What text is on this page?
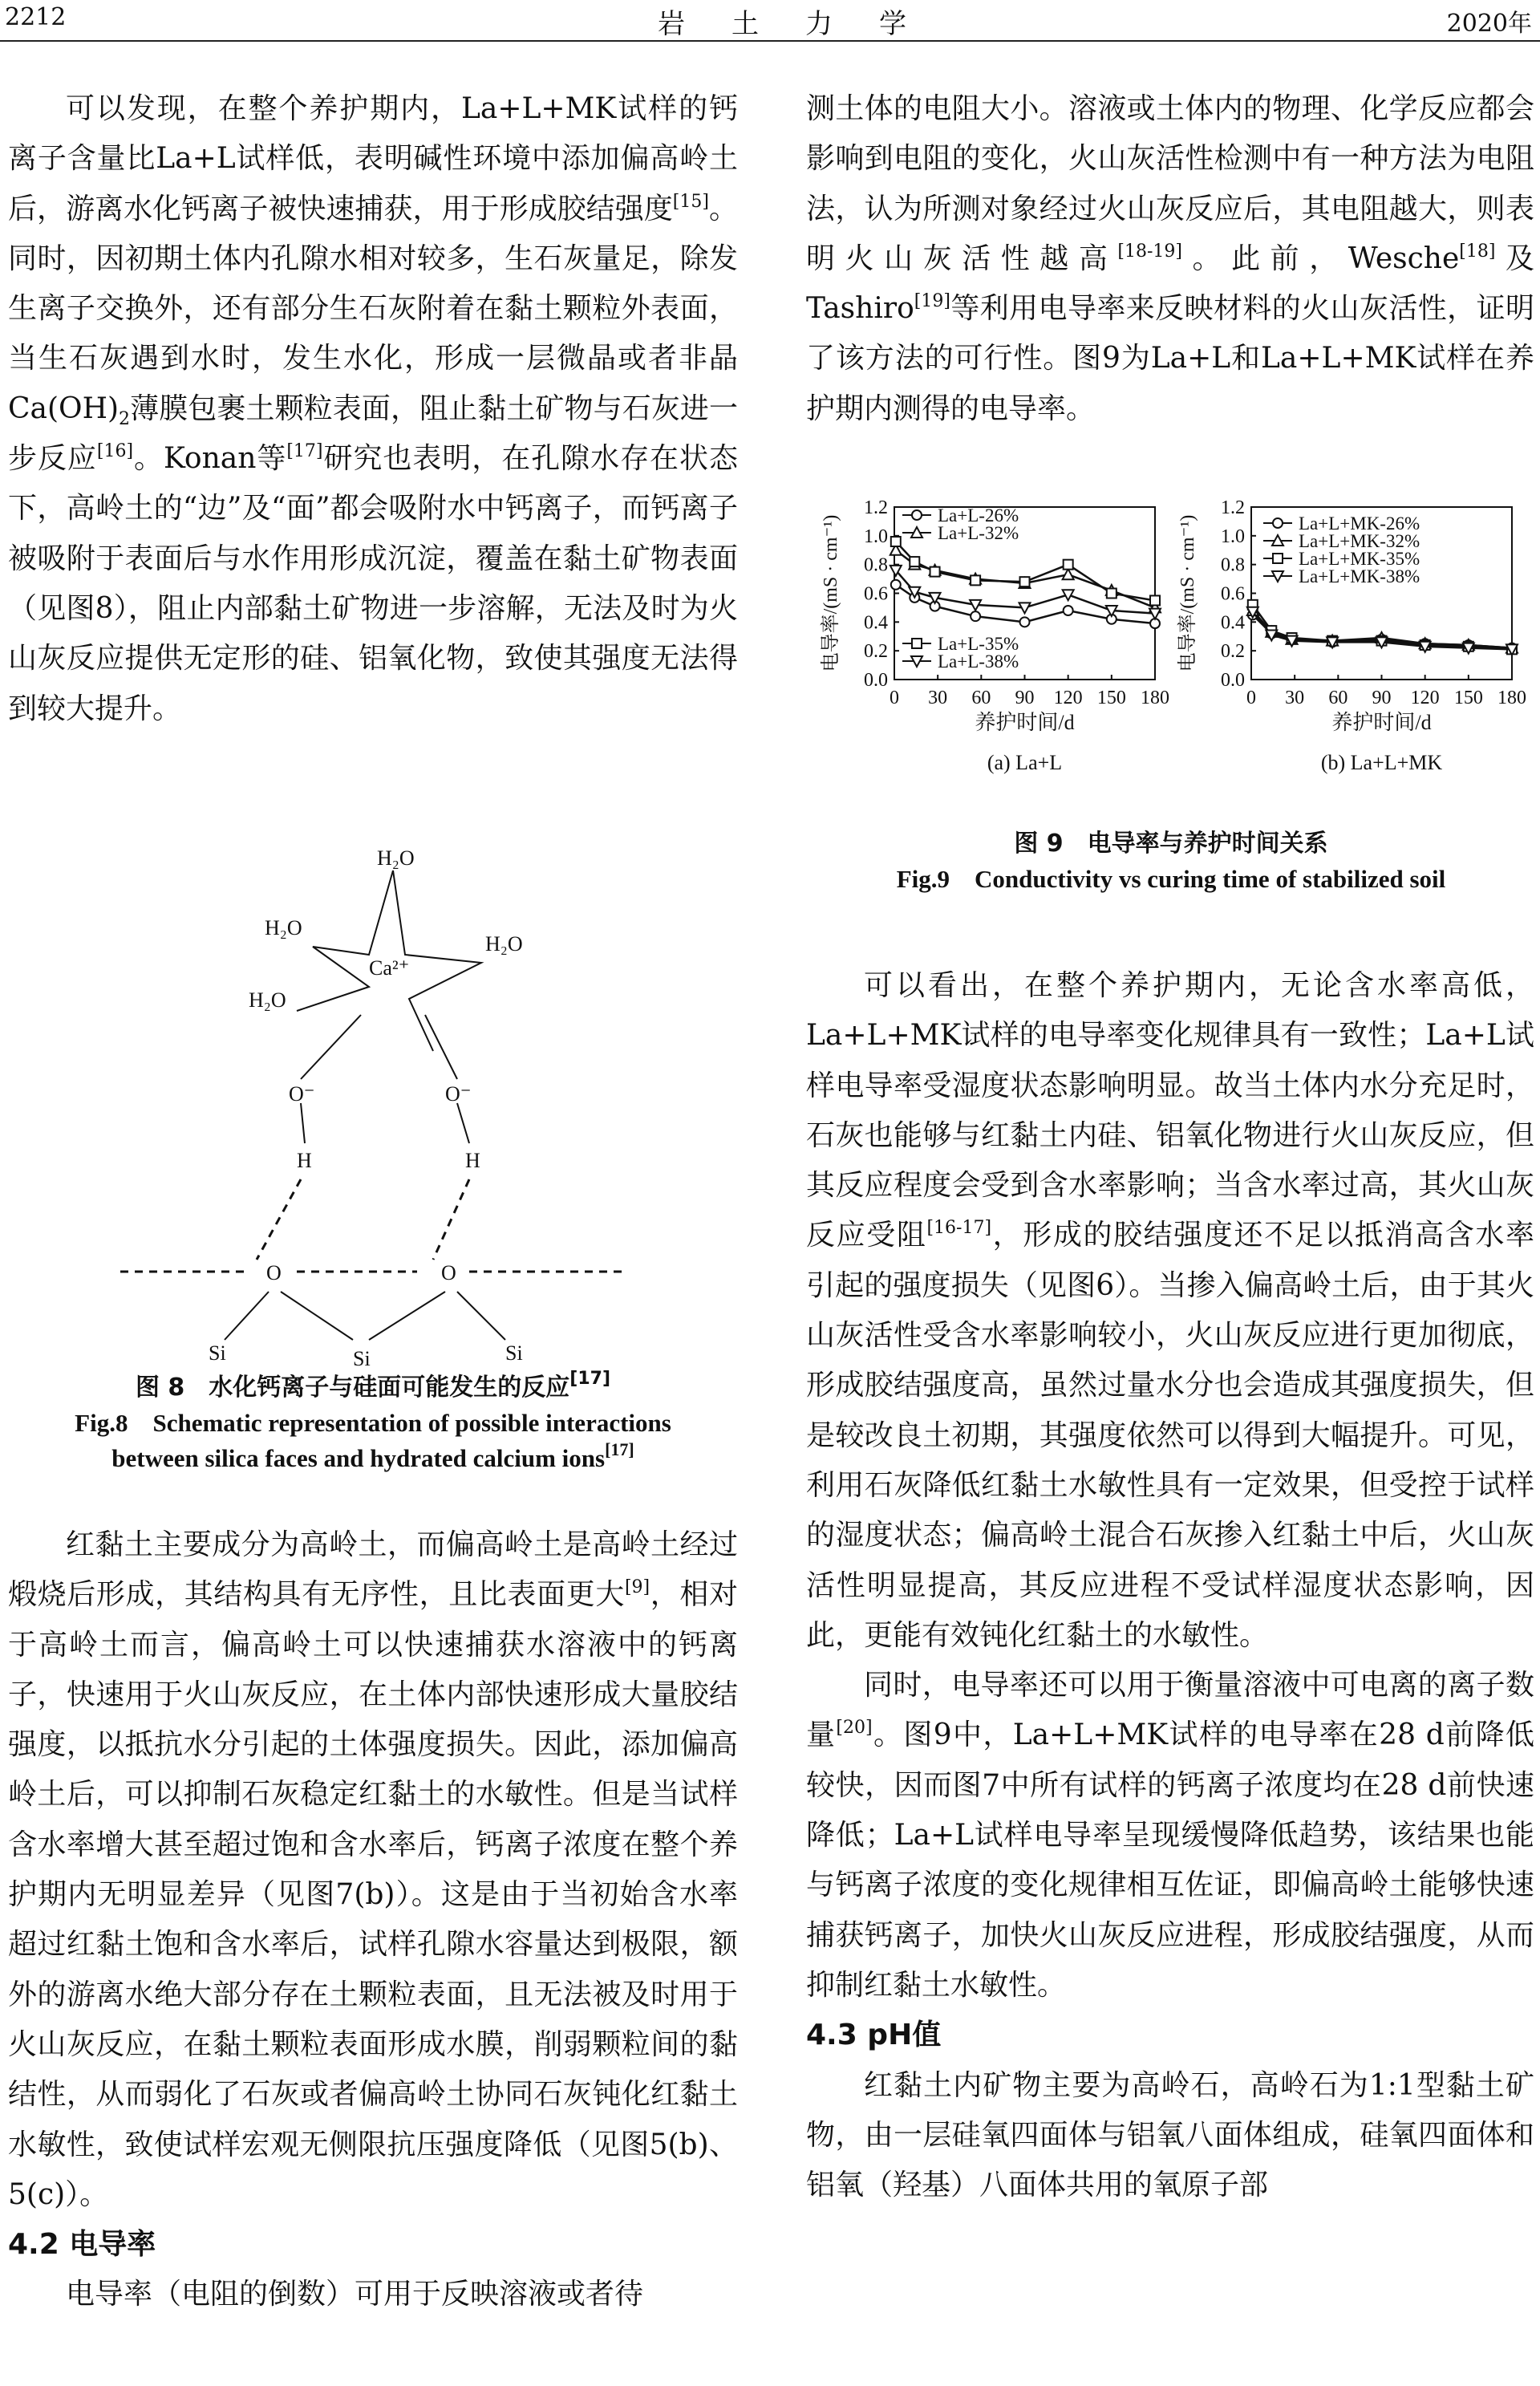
2212	岩土力学	2020年

可以发现，在整个养护期内，La+L+MK试样的钙离子含量比La+L试样低，表明碱性环境中添加偏高岭土后，游离水化钙离子被快速捕获，用于形成胶结强度[15]。同时，因初期土体内孔隙水相对较多，生石灰量足，除发生离子交换外，还有部分生石灰附着在黏土颗粒外表面，当生石灰遇到水时，发生水化，形成一层微晶或者非晶$Ca(OH)_2$薄膜包裹土颗粒表面，阻止黏土矿物与石灰进一步反应[16]。Konan等[17]研究也表明，在孔隙水存在状态下，高岭土的“边”及“面”都会吸附水中钙离子，而钙离子被吸附于表面后与水作用形成沉淀，覆盖在黏土矿物表面（见图8），阻止内部黏土矿物进一步溶解，无法及时为火山灰反应提供无定形的硅、铝氧化物，致使其强度无法得到较大提升。

H₂O
H₂O
H₂O
H₂O
Ca²⁺
O⁻	O⁻
H	H
O	O
Si	Si	Si
图 8　水化钙离子与硅面可能发生的反应[17]
Fig.8　Schematic representation of possible interactions
between silica faces and hydrated calcium ions[17]

红黏土主要成分为高岭土，而偏高岭土是高岭土经过煅烧后形成，其结构具有无序性，且比表面更大[9]，相对于高岭土而言，偏高岭土可以快速捕获水溶液中的钙离子，快速用于火山灰反应，在土体内部快速形成大量胶结强度，以抵抗水分引起的土体强度损失。因此，添加偏高岭土后，可以抑制石灰稳定红黏土的水敏性。但是当试样含水率增大甚至超过饱和含水率后，钙离子浓度在整个养护期内无明显差异（见图7(b)）。这是由于当初始含水率超过红黏土饱和含水率后，试样孔隙水容量达到极限，额外的游离水绝大部分存在土颗粒表面，且无法被及时用于火山灰反应，在黏土颗粒表面形成水膜，削弱颗粒间的黏结性，从而弱化了石灰或者偏高岭土协同石灰钝化红黏土水敏性，致使试样宏观无侧限抗压强度降低（见图5(b)、5(c)）。

4.2 电导率

电导率（电阻的倒数）可用于反映溶液或者待

测土体的电阻大小。溶液或土体内的物理、化学反应都会影响到电阻的变化，火山灰活性检测中有一种方法为电阻法，认为所测对象经过火山灰反应后，其电阻越大，则表明火山灰活性越高[18-19]。此前，Wesche[18]及 Tashiro[19]等利用电导率来反映材料的火山灰活性，证明了该方法的可行性。图9为La+L和La+L+MK试样在养护期内测得的电导率。

0.0
0.2
0.4
0.6
0.8
1.0
1.2
0 30 60 90 120 150 180
养护时间/d
电导率/(mS · cm⁻¹)
(a) La+L
La+L-26%
La+L-32%
La+L-35%
La+L-38%
0.0
0.2
0.4
0.6
0.8
1.0
1.2
0 30 60 90 120 150 180
养护时间/d
电导率/(mS · cm⁻¹)
(b) La+L+MK
La+L+MK-26%
La+L+MK-32%
La+L+MK-35%
La+L+MK-38%
图 9　电导率与养护时间关系
Fig.9　Conductivity vs curing time of stabilized soil

可以看出，在整个养护期内，无论含水率高低，La+L+MK试样的电导率变化规律具有一致性；La+L试样电导率受湿度状态影响明显。故当土体内水分充足时，石灰也能够与红黏土内硅、铝氧化物进行火山灰反应，但其反应程度会受到含水率影响；当含水率过高，其火山灰反应受阻[16-17]，形成的胶结强度还不足以抵消高含水率引起的强度损失（见图6）。当掺入偏高岭土后，由于其火山灰活性受含水率影响较小，火山灰反应进行更加彻底，形成胶结强度高，虽然过量水分也会造成其强度损失，但是较改良土初期，其强度依然可以得到大幅提升。可见，利用石灰降低红黏土水敏性具有一定效果，但受控于试样的湿度状态；偏高岭土混合石灰掺入红黏土中后，火山灰活性明显提高，其反应进程不受试样湿度状态影响，因此，更能有效钝化红黏土的水敏性。

同时，电导率还可以用于衡量溶液中可电离的离子数量[20]。图9中，La+L+MK试样的电导率在28 d前降低较快，因而图7中所有试样的钙离子浓度均在28 d前快速降低；La+L试样电导率呈现缓慢降低趋势，该结果也能与钙离子浓度的变化规律相互佐证，即偏高岭土能够快速捕获钙离子，加快火山灰反应进程，形成胶结强度，从而抑制红黏土水敏性。

4.3 pH值

红黏土内矿物主要为高岭石，高岭石为1:1型黏土矿物，由一层硅氧四面体与铝氧八面体组成，硅氧四面体和铝氧（羟基）八面体共用的氧原子部
